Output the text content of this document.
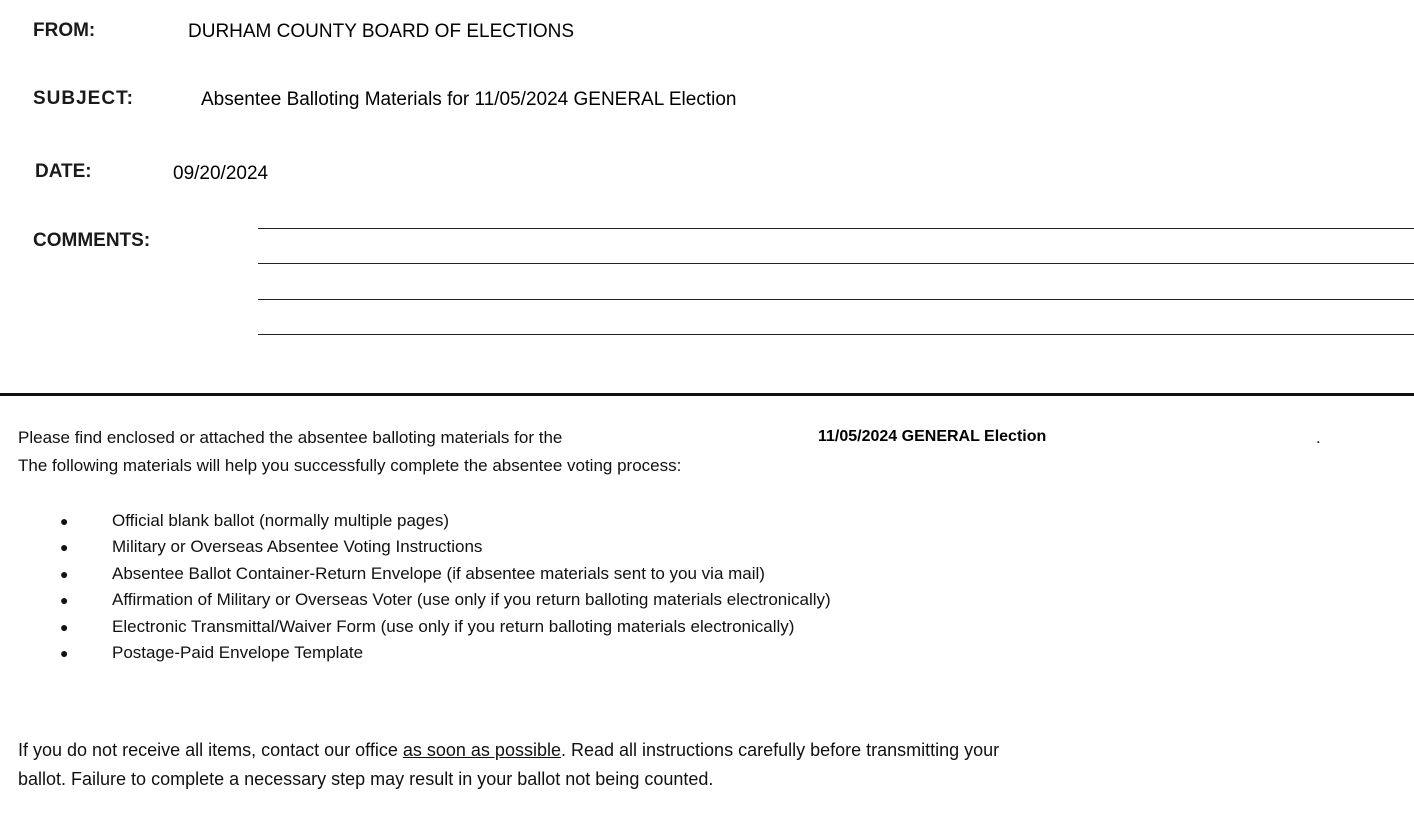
FROM:	DURHAM COUNTY BOARD OF ELECTIONS
SUBJECT:	Absentee Balloting Materials for 11/05/2024 GENERAL Election
DATE:	09/20/2024
COMMENTS:
Please find enclosed or attached the absentee balloting materials for the	11/05/2024 GENERAL Election	.
The following materials will help you successfully complete the absentee voting process:
●	Official blank ballot (normally multiple pages)
●	Military or Overseas Absentee Voting Instructions
●	Absentee Ballot Container-Return Envelope (if absentee materials sent to you via mail)
●	Affirmation of Military or Overseas Voter (use only if you return balloting materials electronically)
●	Electronic Transmittal/Waiver Form (use only if you return balloting materials electronically)
●	Postage-Paid Envelope Template
If you do not receive all items, contact our office as soon as possible. Read all instructions carefully before transmitting your
ballot. Failure to complete a necessary step may result in your ballot not being counted.
